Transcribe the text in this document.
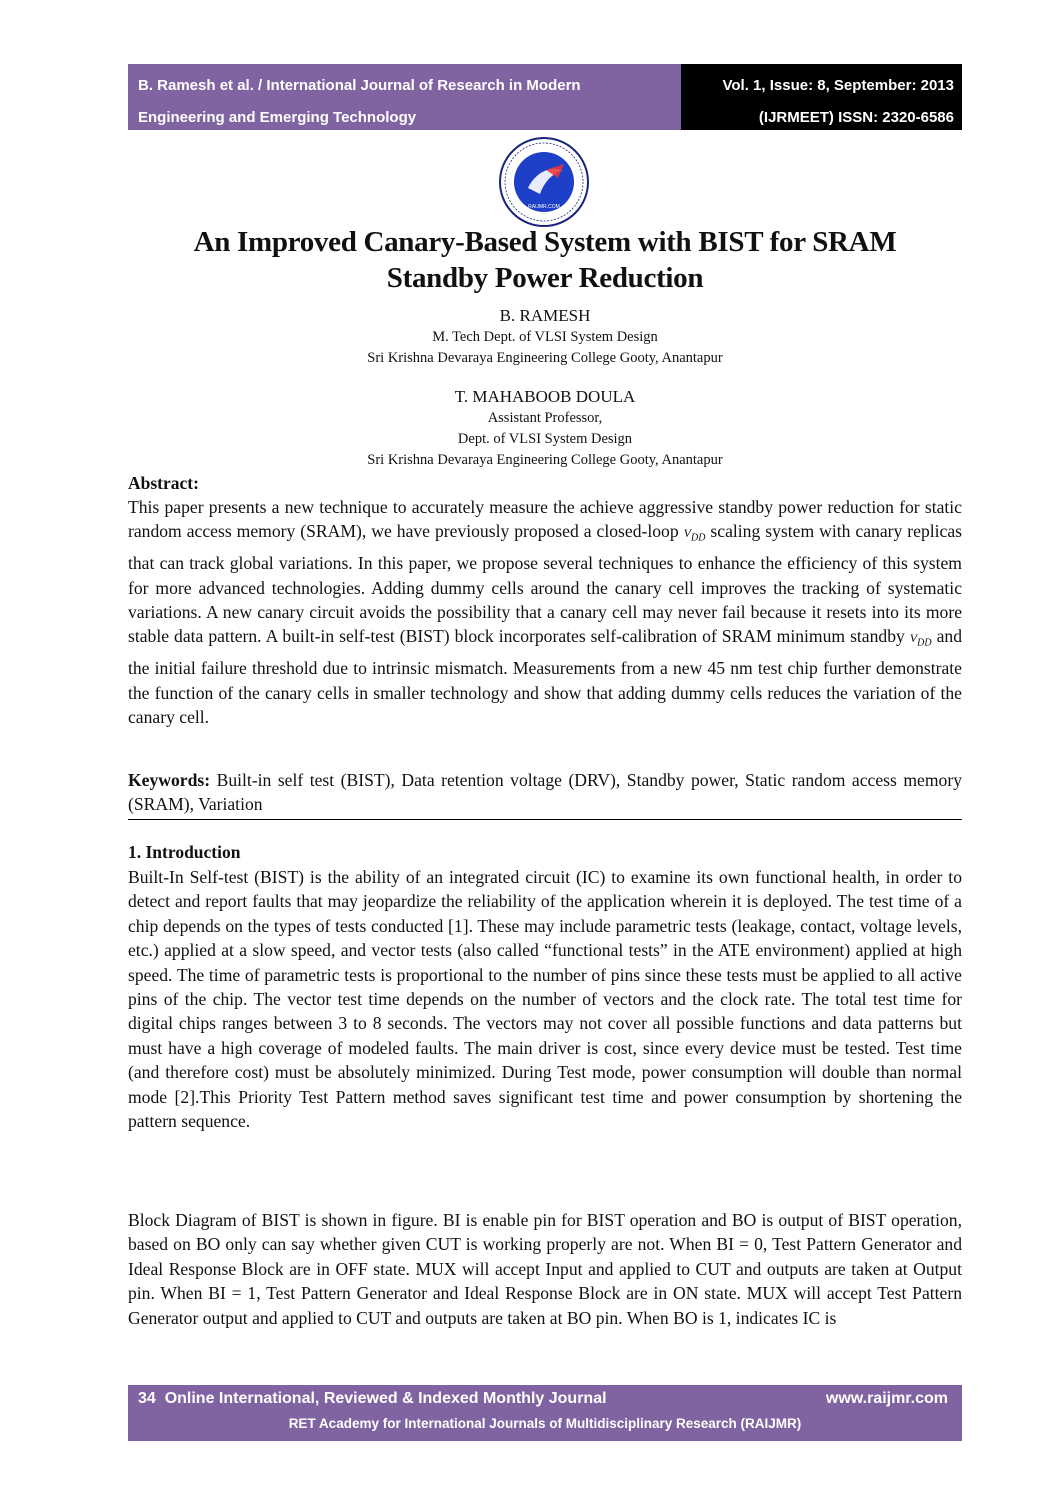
B. Ramesh et al. / International Journal of Research in Modern
Engineering and Emerging Technology
Vol. 1, Issue: 8, September: 2013
(IJRMEET) ISSN: 2320-6586
RAIJMR.COM
An Improved Canary-Based System with BIST for SRAM
Standby Power Reduction
B. RAMESH
M. Tech Dept. of VLSI System Design
Sri Krishna Devaraya Engineering College Gooty, Anantapur
T. MAHABOOB DOULA
Assistant Professor,
Dept. of VLSI System Design
Sri Krishna Devaraya Engineering College Gooty, Anantapur
Abstract:
This paper presents a new technique to accurately measure the achieve aggressive standby power reduction for static random access memory (SRAM), we have previously proposed a closed-loop $V_{DD}$ scaling system with canary replicas that can track global variations. In this paper, we propose several techniques to enhance the efficiency of this system for more advanced technologies. Adding dummy cells around the canary cell improves the tracking of systematic variations. A new canary circuit avoids the possibility that a canary cell may never fail because it resets into its more stable data pattern. A built-in self-test (BIST) block incorporates self-calibration of SRAM minimum standby $V_{DD}$ and the initial failure threshold due to intrinsic mismatch. Measurements from a new 45 nm test chip further demonstrate the function of the canary cells in smaller technology and show that adding dummy cells reduces the variation of the canary cell.
Keywords: Built-in self test (BIST), Data retention voltage (DRV), Standby power, Static random access memory (SRAM), Variation
1. Introduction
Built-In Self-test (BIST) is the ability of an integrated circuit (IC) to examine its own functional health, in order to detect and report faults that may jeopardize the reliability of the application wherein it is deployed. The test time of a chip depends on the types of tests conducted [1]. These may include parametric tests (leakage, contact, voltage levels, etc.) applied at a slow speed, and vector tests (also called “functional tests” in the ATE environment) applied at high speed. The time of parametric tests is proportional to the number of pins since these tests must be applied to all active pins of the chip. The vector test time depends on the number of vectors and the clock rate. The total test time for digital chips ranges between 3 to 8 seconds. The vectors may not cover all possible functions and data patterns but must have a high coverage of modeled faults. The main driver is cost, since every device must be tested. Test time (and therefore cost) must be absolutely minimized. During Test mode, power consumption will double than normal mode [2].This Priority Test Pattern method saves significant test time and power consumption by shortening the pattern sequence.
Block Diagram of BIST is shown in figure. BI is enable pin for BIST operation and BO is output of BIST operation, based on BO only can say whether given CUT is working properly are not. When BI = 0, Test Pattern Generator and Ideal Response Block are in OFF state. MUX will accept Input and applied to CUT and outputs are taken at Output pin. When BI = 1, Test Pattern Generator and Ideal Response Block are in ON state. MUX will accept Test Pattern Generator output and applied to CUT and outputs are taken at BO pin. When BO is 1, indicates IC is
34 Online International, Reviewed & Indexed Monthly Journal	www.raijmr.com
RET Academy for International Journals of Multidisciplinary Research (RAIJMR)
